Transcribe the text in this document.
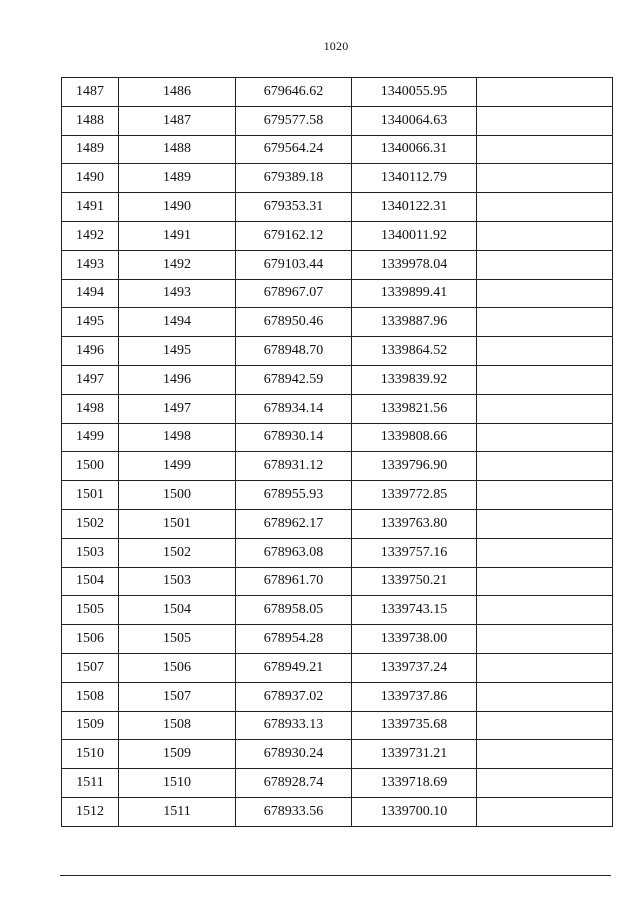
1020
1487	1486	679646.62	1340055.95	
1488	1487	679577.58	1340064.63	
1489	1488	679564.24	1340066.31	
1490	1489	679389.18	1340112.79	
1491	1490	679353.31	1340122.31	
1492	1491	679162.12	1340011.92	
1493	1492	679103.44	1339978.04	
1494	1493	678967.07	1339899.41	
1495	1494	678950.46	1339887.96	
1496	1495	678948.70	1339864.52	
1497	1496	678942.59	1339839.92	
1498	1497	678934.14	1339821.56	
1499	1498	678930.14	1339808.66	
1500	1499	678931.12	1339796.90	
1501	1500	678955.93	1339772.85	
1502	1501	678962.17	1339763.80	
1503	1502	678963.08	1339757.16	
1504	1503	678961.70	1339750.21	
1505	1504	678958.05	1339743.15	
1506	1505	678954.28	1339738.00	
1507	1506	678949.21	1339737.24	
1508	1507	678937.02	1339737.86	
1509	1508	678933.13	1339735.68	
1510	1509	678930.24	1339731.21	
1511	1510	678928.74	1339718.69	
1512	1511	678933.56	1339700.10	
